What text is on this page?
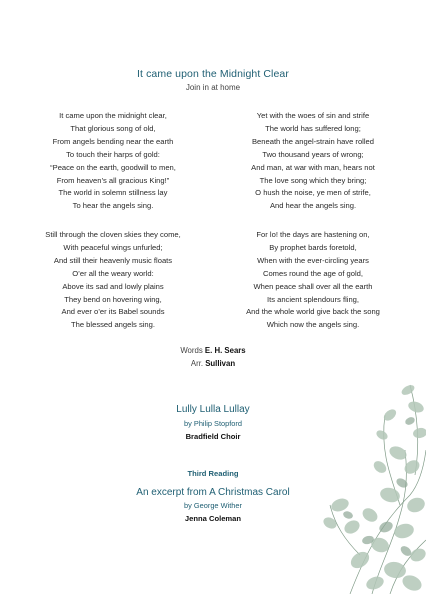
It came upon the Midnight Clear
Join in at home
It came upon the midnight clear,
That glorious song of old,
From angels bending near the earth
To touch their harps of gold:
“Peace on the earth, goodwill to men,
From heaven’s all gracious King!”
The world in solemn stillness lay
To hear the angels sing.
Yet with the woes of sin and strife
The world has suffered long;
Beneath the angel-strain have rolled
Two thousand years of wrong;
And man, at war with man, hears not
The love song which they bring;
O hush the noise, ye men of strife,
And hear the angels sing.
Still through the cloven skies they come,
With peaceful wings unfurled;
And still their heavenly music floats
O’er all the weary world:
Above its sad and lowly plains
They bend on hovering wing,
And ever o’er its Babel sounds
The blessed angels sing.
For lo! the days are hastening on,
By prophet bards foretold,
When with the ever-circling years
Comes round the age of gold,
When peace shall over all the earth
Its ancient splendours fling,
And the whole world give back the song
Which now the angels sing.
Words E. H. Sears
Arr. Sullivan
Lully Lulla Lullay
by Philip Stopford
Bradfield Choir
Third Reading
An excerpt from A Christmas Carol
by George Wither
Jenna Coleman
